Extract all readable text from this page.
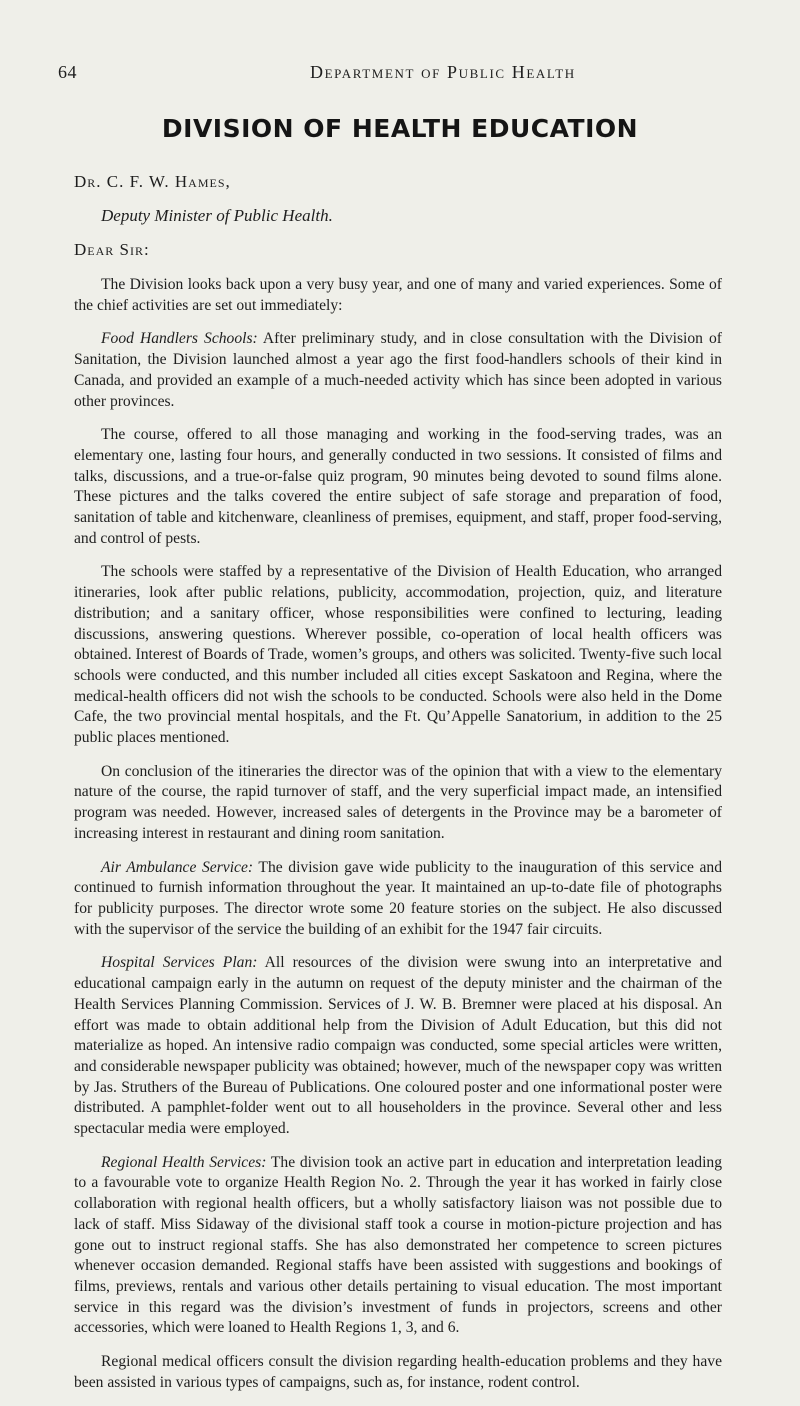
64	Department of Public Health
DIVISION OF HEALTH EDUCATION
Dr. C. F. W. Hames,
Deputy Minister of Public Health.
Dear Sir:

The Division looks back upon a very busy year, and one of many and varied experiences. Some of the chief activities are set out immediately:

Food Handlers Schools: After preliminary study, and in close consultation with the Division of Sanitation, the Division launched almost a year ago the first food-handlers schools of their kind in Canada, and provided an example of a much-needed activity which has since been adopted in various other provinces.

The course, offered to all those managing and working in the food-serving trades, was an elementary one, lasting four hours, and generally conducted in two sessions. It consisted of films and talks, discussions, and a true-or-false quiz program, 90 minutes being devoted to sound films alone. These pictures and the talks covered the entire subject of safe storage and preparation of food, sanitation of table and kitchenware, cleanliness of premises, equipment, and staff, proper food-serving, and control of pests.

The schools were staffed by a representative of the Division of Health Education, who arranged itineraries, look after public relations, publicity, accommodation, projection, quiz, and literature distribution; and a sanitary officer, whose responsibilities were confined to lecturing, leading discussions, answering questions. Wherever possible, co-operation of local health officers was obtained. Interest of Boards of Trade, women’s groups, and others was solicited. Twenty-five such local schools were conducted, and this number included all cities except Saskatoon and Regina, where the medical-health officers did not wish the schools to be conducted. Schools were also held in the Dome Cafe, the two provincial mental hospitals, and the Ft. Qu’Appelle Sanatorium, in addition to the 25 public places mentioned.

On conclusion of the itineraries the director was of the opinion that with a view to the elementary nature of the course, the rapid turnover of staff, and the very superficial impact made, an intensified program was needed. However, increased sales of detergents in the Province may be a barometer of increasing interest in restaurant and dining room sanitation.

Air Ambulance Service: The division gave wide publicity to the inauguration of this service and continued to furnish information throughout the year. It maintained an up-to-date file of photographs for publicity purposes. The director wrote some 20 feature stories on the subject. He also discussed with the supervisor of the service the building of an exhibit for the 1947 fair circuits.

Hospital Services Plan: All resources of the division were swung into an interpretative and educational campaign early in the autumn on request of the deputy minister and the chairman of the Health Services Planning Commission. Services of J. W. B. Bremner were placed at his disposal. An effort was made to obtain additional help from the Division of Adult Education, but this did not materialize as hoped. An intensive radio compaign was conducted, some special articles were written, and considerable newspaper publicity was obtained; however, much of the newspaper copy was written by Jas. Struthers of the Bureau of Publications. One coloured poster and one informational poster were distributed. A pamphlet-folder went out to all householders in the province. Several other and less spectacular media were employed.

Regional Health Services: The division took an active part in education and interpretation leading to a favourable vote to organize Health Region No. 2. Through the year it has worked in fairly close collaboration with regional health officers, but a wholly satisfactory liaison was not possible due to lack of staff. Miss Sidaway of the divisional staff took a course in motion-picture projection and has gone out to instruct regional staffs. She has also demonstrated her competence to screen pictures whenever occasion demanded. Regional staffs have been assisted with suggestions and bookings of films, previews, rentals and various other details pertaining to visual education. The most important service in this regard was the division’s investment of funds in projectors, screens and other accessories, which were loaned to Health Regions 1, 3, and 6.

Regional medical officers consult the division regarding health-education problems and they have been assisted in various types of campaigns, such as, for instance, rodent control.
